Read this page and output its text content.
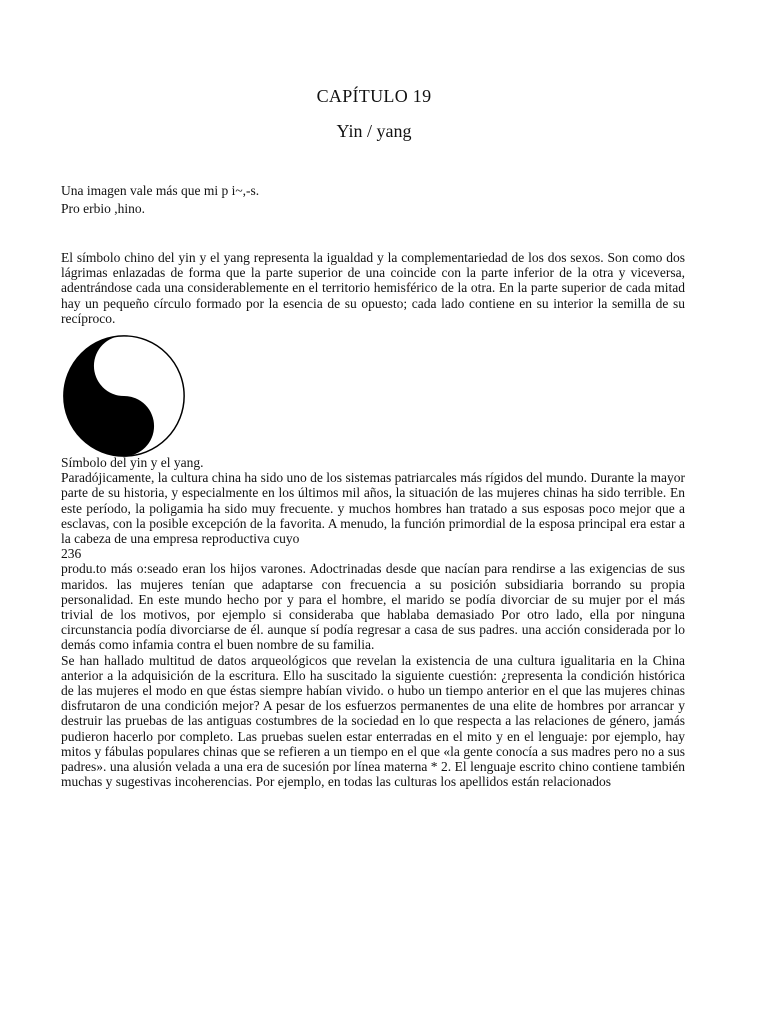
CAPÍTULO 19
Yin / yang
Una imagen vale más que mi p i~,-s.
Pro erbio ,hino.

El símbolo chino del yin y el yang representa la igualdad y la complementariedad de los dos sexos. Son como dos lágrimas enlazadas de forma que la parte superior de una coincide con la parte inferior de la otra y viceversa, adentrándose cada una considerablemente en el territorio hemisférico de la otra. En la parte superior de cada mitad hay un pequeño círculo formado por la esencia de su opuesto; cada lado contiene en su interior la semilla de su recíproco.

Símbolo del yin y el yang.

Paradójicamente, la cultura china ha sido uno de los sistemas patriarcales más rígidos del mundo. Durante la mayor parte de su historia, y especialmente en los últimos mil años, la situación de las mujeres chinas ha sido terrible. En este período, la poligamia ha sido muy frecuente. y muchos hombres han tratado a sus esposas poco mejor que a esclavas, con la posible excepción de la favorita. A menudo, la función primordial de la esposa principal era estar a la cabeza de una empresa reproductiva cuyo

236

produ.to más o:seado eran los hijos varones. Adoctrinadas desde que nacían para rendirse a las exigencias de sus maridos. las mujeres tenían que adaptarse con frecuencia a su posición subsidiaria borrando su propia personalidad. En este mundo hecho por y para el hombre, el marido se podía divorciar de su mujer por el más trivial de los motivos, por ejemplo si consideraba que hablaba demasiado Por otro lado, ella por ninguna circunstancia podía divorciarse de él. aunque sí podía regresar a casa de sus padres. una acción considerada por lo demás como infamia contra el buen nombre de su familia.

Se han hallado multitud de datos arqueológicos que revelan la existencia de una cultura igualitaria en la China anterior a la adquisición de la escritura. Ello ha suscitado la siguiente cuestión: ¿representa la condición histórica de las mujeres el modo en que éstas siempre habían vivido. o hubo un tiempo anterior en el que las mujeres chinas disfrutaron de una condición mejor? A pesar de los esfuerzos permanentes de una elite de hombres por arrancar y destruir las pruebas de las antiguas costumbres de la sociedad en lo que respecta a las relaciones de género, jamás pudieron hacerlo por completo. Las pruebas suelen estar enterradas en el mito y en el lenguaje: por ejemplo, hay mitos y fábulas populares chinas que se refieren a un tiempo en el que «la gente conocía a sus madres pero no a sus padres». una alusión velada a una era de sucesión por línea materna * 2. El lenguaje escrito chino contiene también muchas y sugestivas incoherencias. Por ejemplo, en todas las culturas los apellidos están relacionados
